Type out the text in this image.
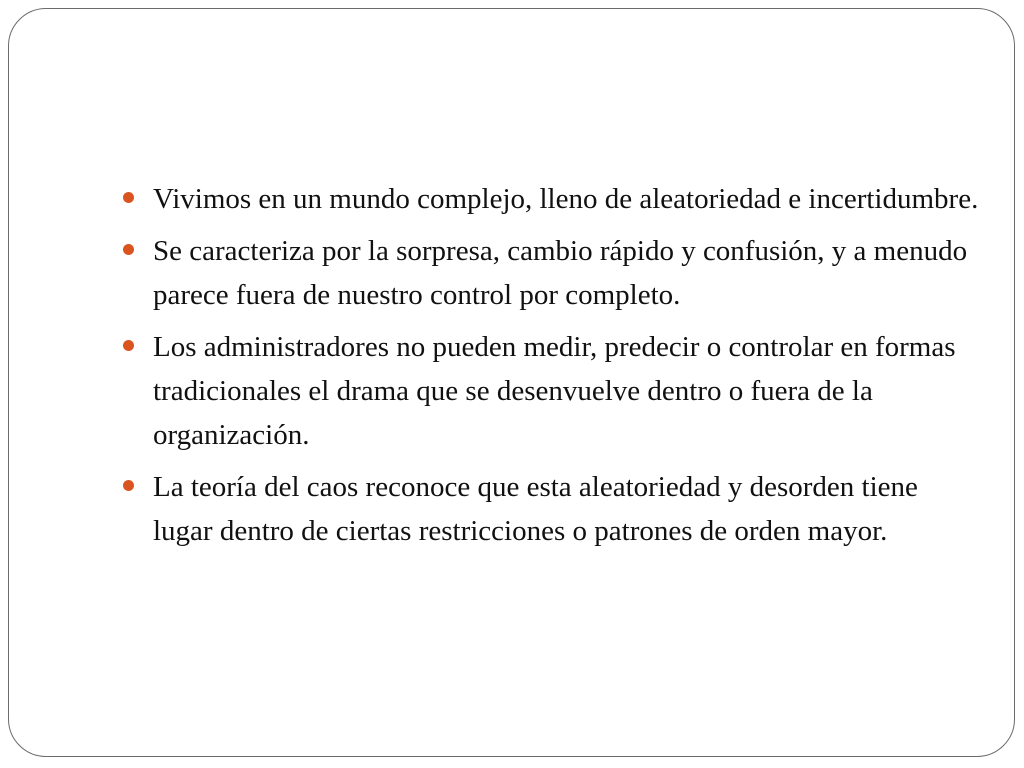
Vivimos en un mundo complejo, lleno de aleatoriedad e incertidumbre.
Se caracteriza por la sorpresa, cambio rápido y confusión, y a menudo parece fuera de nuestro control por completo.
Los administradores no pueden medir, predecir o controlar en formas tradicionales el drama que se desenvuelve dentro o fuera de la organización.
La teoría del caos reconoce que esta aleatoriedad y desorden tiene lugar dentro de ciertas restricciones o patrones de orden mayor.
